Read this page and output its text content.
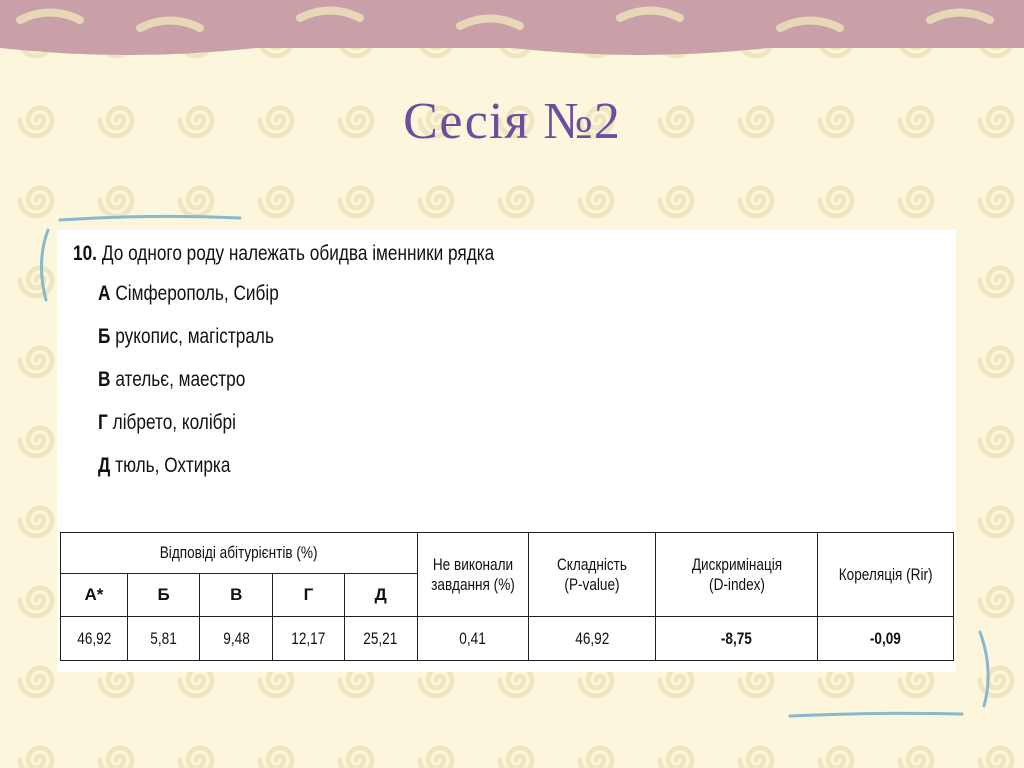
Сесія №2
10. До одного роду належать обидва іменники рядка
А Сімферополь, Сибір
Б рукопис, магістраль
В ательє, маестро
Г лібрето, колібрі
Д тюль, Охтирка
Відповіді абітурієнтів (%)					Не виконали завдання (%)	Складність (P-value)	Дискримінація (D-index)	Кореляція (Rir)
А*	Б	В	Г	Д				
46,92	5,81	9,48	12,17	25,21	0,41	46,92	-8,75	-0,09
